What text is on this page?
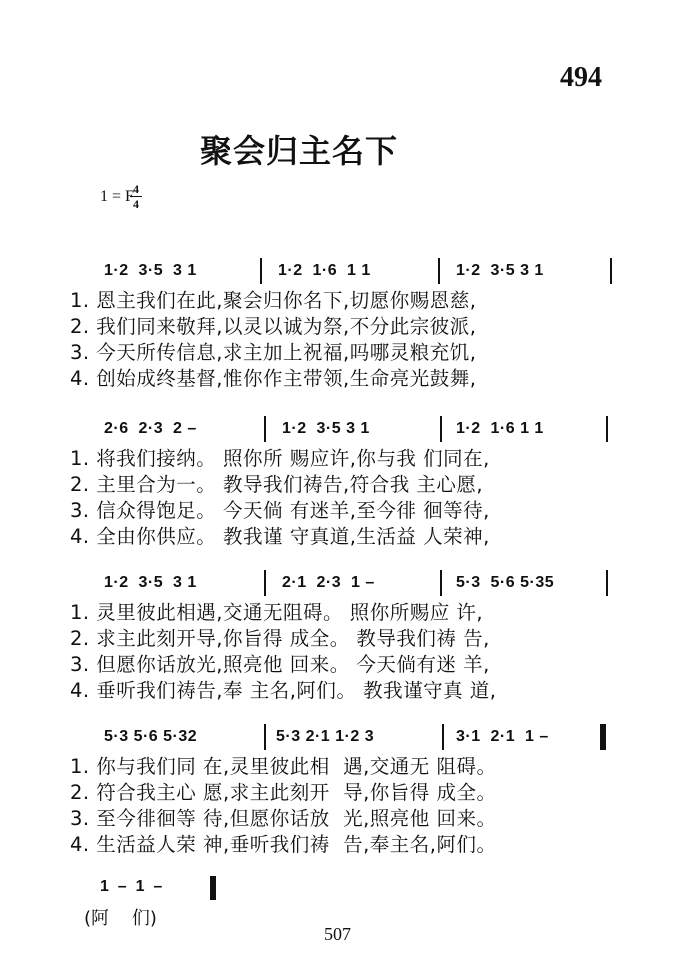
494
聚会归主名下
1 = F 4
4
1·2  3·5  3 1	1·2  1·6  1 1	1·2  3·5 3 1
1. 恩主我们在此,聚会归你名下,切愿你赐恩慈,
2. 我们同来敬拜,以灵以诚为祭,不分此宗彼派,
3. 今天所传信息,求主加上祝福,吗哪灵粮充饥,
4. 创始成终基督,惟你作主带领,生命亮光鼓舞,
2·6  2·3  2 –	1·2  3·5 3 1	1·2  1·6 1 1
1. 将我们接纳。 照你所 赐应许,你与我 们同在,
2. 主里合为一。 教导我们祷告,符合我 主心愿,
3. 信众得饱足。 今天倘 有迷羊,至今徘 徊等待,
4. 全由你供应。 教我谨 守真道,生活益 人荣神,
1·2  3·5  3 1	2·1  2·3  1 –	5·3  5·6 5·35
1. 灵里彼此相遇,交通无阻碍。 照你所赐应 许,
2. 求主此刻开导,你旨得 成全。 教导我们祷 告,
3. 但愿你话放光,照亮他 回来。 今天倘有迷 羊,
4. 垂听我们祷告,奉 主名,阿们。 教我谨守真 道,
5·3 5·6 5·32	5·3 2·1 1·2 3	3·1  2·1  1 –
1. 你与我们同 在,灵里彼此相  遇,交通无 阻碍。
2. 符合我主心 愿,求主此刻开  导,你旨得 成全。
3. 至今徘徊等 待,但愿你话放  光,照亮他 回来。
4. 生活益人荣 神,垂听我们祷  告,奉主名,阿们。
1  –  1  –
(阿    们)
507
